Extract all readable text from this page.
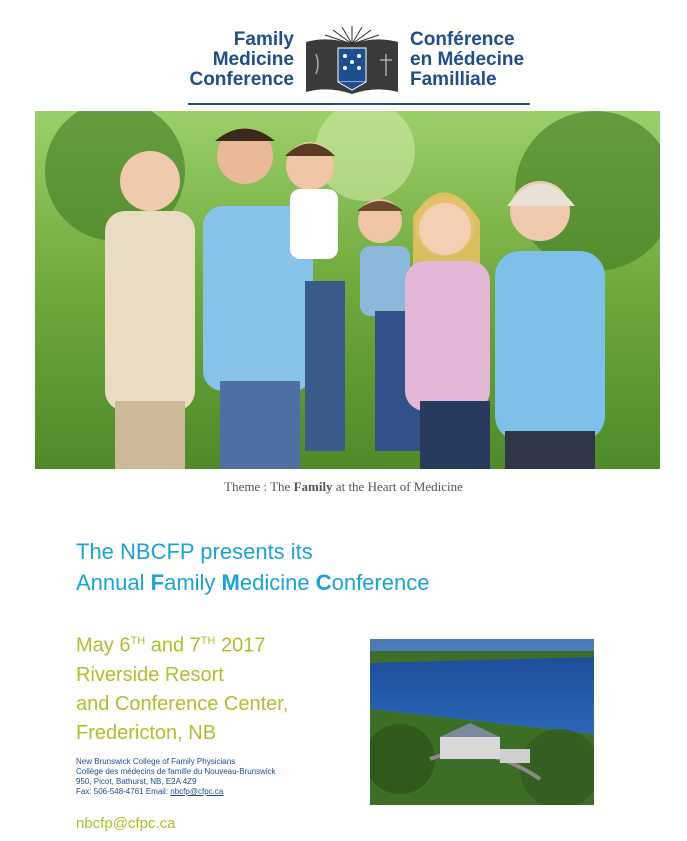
Family
Medicine
Conference
Conférence
en Médecine
Familliale
Theme : The Family at the Heart of Medicine
The NBCFP presents its
Annual Family Medicine Conference
May 6TH and 7TH 2017
Riverside Resort
and Conference Center,
Fredericton, NB
New Brunswick College of Family Physicians
Collège des médecins de famille du Nouveau-Brunswick
950, Picot, Bathurst, NB, E2A 4Z9
Fax: 506-548-4761 Email: nbcfp@cfpc.ca
nbcfp@cfpc.ca
